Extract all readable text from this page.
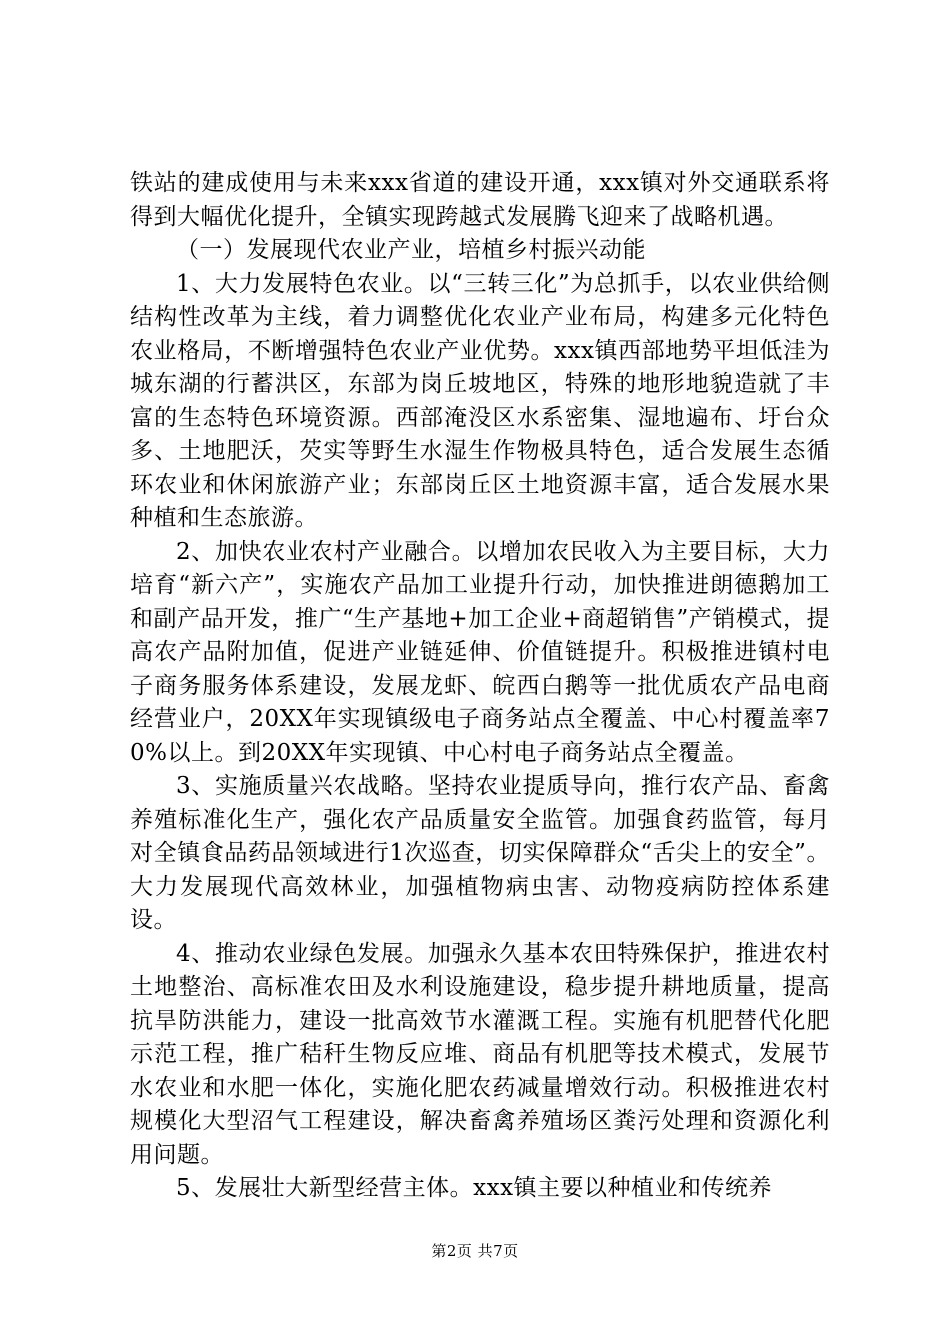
铁站的建成使用与未来xxx省道的建设开通，xxx镇对外交通联系将得到大幅优化提升，全镇实现跨越式发展腾飞迎来了战略机遇。

（一）发展现代农业产业，培植乡村振兴动能

1、大力发展特色农业。以“三转三化”为总抓手，以农业供给侧结构性改革为主线，着力调整优化农业产业布局，构建多元化特色农业格局，不断增强特色农业产业优势。xxx镇西部地势平坦低洼为城东湖的行蓄洪区，东部为岗丘坡地区，特殊的地形地貌造就了丰富的生态特色环境资源。西部淹没区水系密集、湿地遍布、圩台众多、土地肥沃，芡实等野生水湿生作物极具特色，适合发展生态循环农业和休闲旅游产业；东部岗丘区土地资源丰富，适合发展水果种植和生态旅游。

2、加快农业农村产业融合。以增加农民收入为主要目标，大力培育“新六产”，实施农产品加工业提升行动，加快推进朗德鹅加工和副产品开发，推广“生产基地+加工企业+商超销售”产销模式，提高农产品附加值，促进产业链延伸、价值链提升。积极推进镇村电子商务服务体系建设，发展龙虾、皖西白鹅等一批优质农产品电商经营业户，20XX年实现镇级电子商务站点全覆盖、中心村覆盖率70%以上。到20XX年实现镇、中心村电子商务站点全覆盖。

3、实施质量兴农战略。坚持农业提质导向，推行农产品、畜禽养殖标准化生产，强化农产品质量安全监管。加强食药监管，每月对全镇食品药品领域进行1次巡查，切实保障群众“舌尖上的安全”。大力发展现代高效林业，加强植物病虫害、动物疫病防控体系建设。

4、推动农业绿色发展。加强永久基本农田特殊保护，推进农村土地整治、高标准农田及水利设施建设，稳步提升耕地质量，提高抗旱防洪能力，建设一批高效节水灌溉工程。实施有机肥替代化肥示范工程，推广秸秆生物反应堆、商品有机肥等技术模式，发展节水农业和水肥一体化，实施化肥农药减量增效行动。积极推进农村规模化大型沼气工程建设，解决畜禽养殖场区粪污处理和资源化利用问题。

5、发展壮大新型经营主体。xxx镇主要以种植业和传统养

第2页 共7页
